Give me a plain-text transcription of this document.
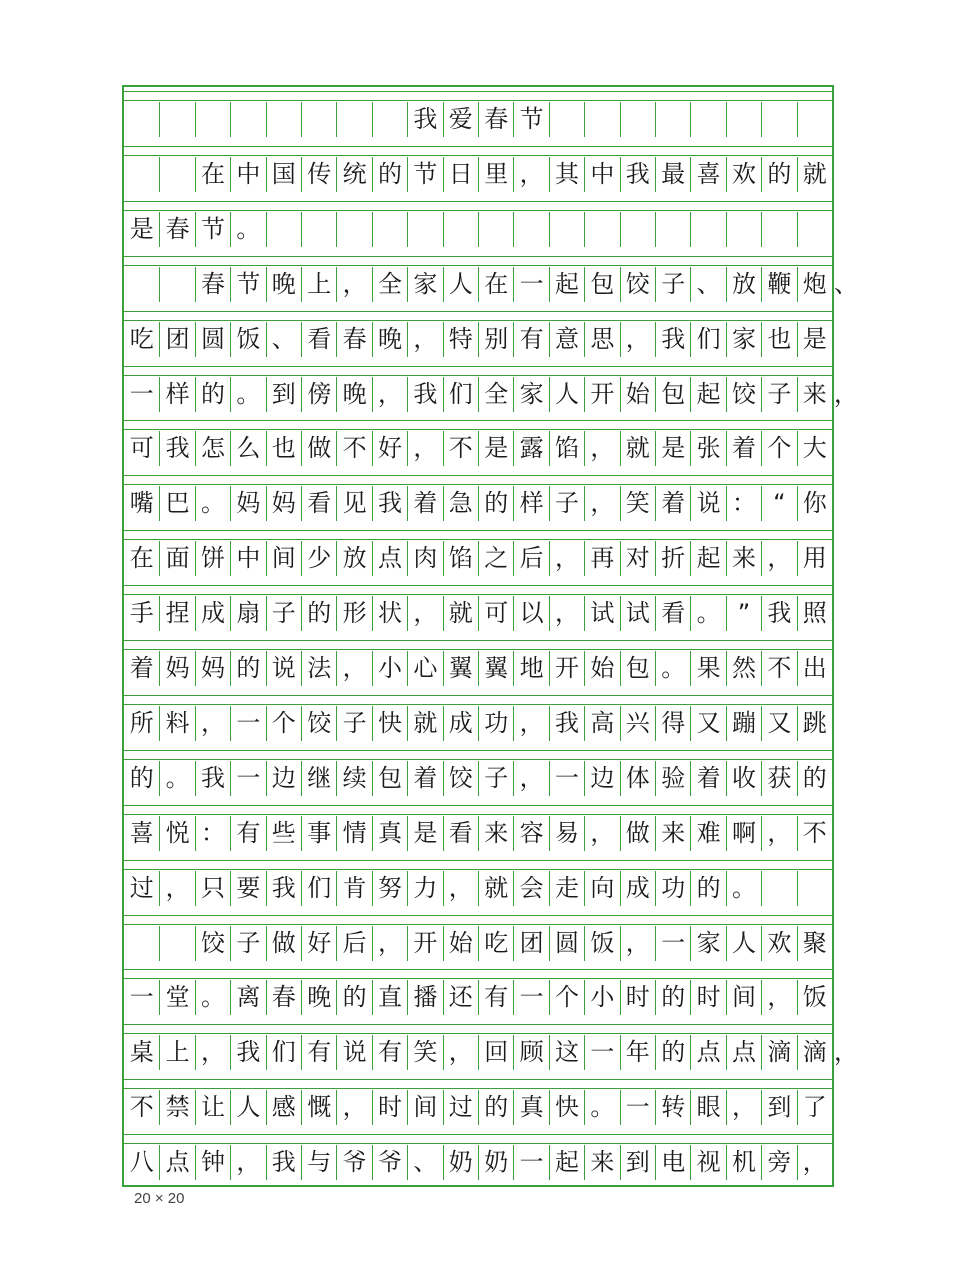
我 爱 春 节
在 中 国 传 统 的 节 日 里 ， 其 中 我 最 喜 欢 的 就
是 春 节 。
春 节 晚 上 ， 全 家 人 在 一 起 包 饺 子 、 放 鞭 炮 、
吃 团 圆 饭 、 看 春 晚 ， 特 别 有 意 思 ， 我 们 家 也 是
一 样 的 。 到 傍 晚 ， 我 们 全 家 人 开 始 包 起 饺 子 来 ，
可 我 怎 么 也 做 不 好 ， 不 是 露 馅 ， 就 是 张 着 个 大
嘴 巴 。 妈 妈 看 见 我 着 急 的 样 子 ， 笑 着 说 ： “ 你
在 面 饼 中 间 少 放 点 肉 馅 之 后 ， 再 对 折 起 来 ， 用
手 捏 成 扇 子 的 形 状 ， 就 可 以 ， 试 试 看 。 ” 我 照
着 妈 妈 的 说 法 ， 小 心 翼 翼 地 开 始 包 。 果 然 不 出
所 料 ， 一 个 饺 子 快 就 成 功 ， 我 高 兴 得 又 蹦 又 跳
的 。 我 一 边 继 续 包 着 饺 子 ， 一 边 体 验 着 收 获 的
喜 悦 ： 有 些 事 情 真 是 看 来 容 易 ， 做 来 难 啊 ， 不
过 ， 只 要 我 们 肯 努 力 ， 就 会 走 向 成 功 的 。
饺 子 做 好 后 ， 开 始 吃 团 圆 饭 ， 一 家 人 欢 聚
一 堂 。 离 春 晚 的 直 播 还 有 一 个 小 时 的 时 间 ， 饭
桌 上 ， 我 们 有 说 有 笑 ， 回 顾 这 一 年 的 点 点 滴 滴 ，
不 禁 让 人 感 慨 ， 时 间 过 的 真 快 。 一 转 眼 ， 到 了
八 点 钟 ， 我 与 爷 爷 、 奶 奶 一 起 来 到 电 视 机 旁 ，
20 × 20
